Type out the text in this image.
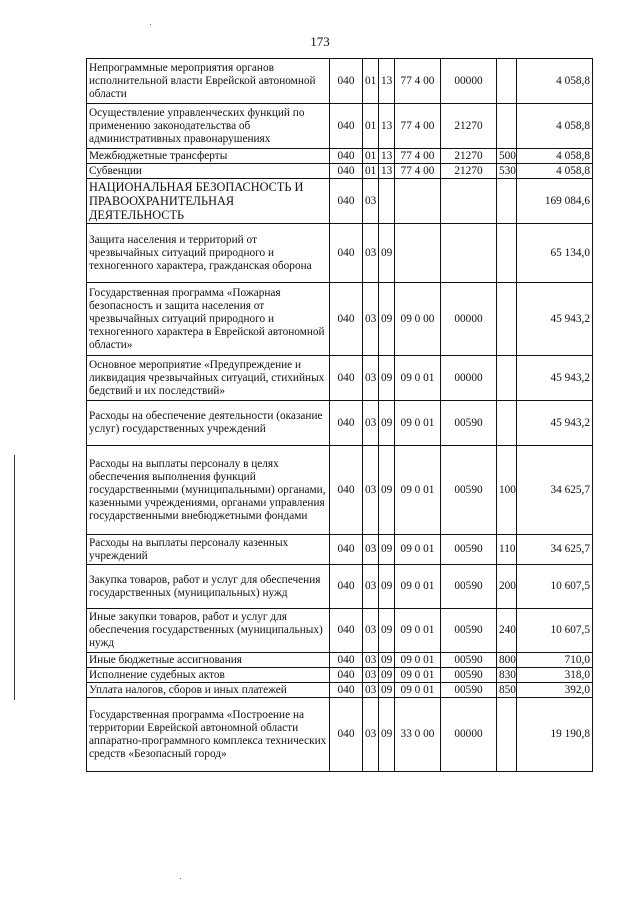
173
Непрограммные мероприятия органов исполнительной власти Еврейской автономной области	040	01	13	77 4 00	00000		4 058,8
Осуществление управленческих функций по применению законодательства об административных правонарушениях	040	01	13	77 4 00	21270		4 058,8
Межбюджетные трансферты	040	01	13	77 4 00	21270	500	4 058,8
Субвенции	040	01	13	77 4 00	21270	530	4 058,8
НАЦИОНАЛЬНАЯ БЕЗОПАСНОСТЬ И ПРАВООХРАНИТЕЛЬНАЯ ДЕЯТЕЛЬНОСТЬ	040	03					169 084,6
Защита населения и территорий от чрезвычайных ситуаций природного и техногенного характера, гражданская оборона	040	03	09				65 134,0
Государственная программа «Пожарная безопасность и защита населения от чрезвычайных ситуаций природного и техногенного характера в Еврейской автономной области»	040	03	09	09 0 00	00000		45 943,2
Основное мероприятие «Предупреждение и ликвидация чрезвычайных ситуаций, стихийных бедствий и их последствий»	040	03	09	09 0 01	00000		45 943,2
Расходы на обеспечение деятельности (оказание услуг) государственных учреждений	040	03	09	09 0 01	00590		45 943,2
Расходы на выплаты персоналу в целях обеспечения выполнения функций государственными (муниципальными) органами, казенными учреждениями, органами управления государственными внебюджетными фондами	040	03	09	09 0 01	00590	100	34 625,7
Расходы на выплаты персоналу казенных учреждений	040	03	09	09 0 01	00590	110	34 625,7
Закупка товаров, работ и услуг для обеспечения государственных (муниципальных) нужд	040	03	09	09 0 01	00590	200	10 607,5
Иные закупки товаров, работ и услуг для обеспечения государственных (муниципальных) нужд	040	03	09	09 0 01	00590	240	10 607,5
Иные бюджетные ассигнования	040	03	09	09 0 01	00590	800	710,0
Исполнение судебных актов	040	03	09	09 0 01	00590	830	318,0
Уплата налогов, сборов и иных платежей	040	03	09	09 0 01	00590	850	392,0
Государственная программа «Построение на территории Еврейской автономной области аппаратно-программного комплекса технических средств «Безопасный город»	040	03	09	33 0 00	00000		19 190,8
